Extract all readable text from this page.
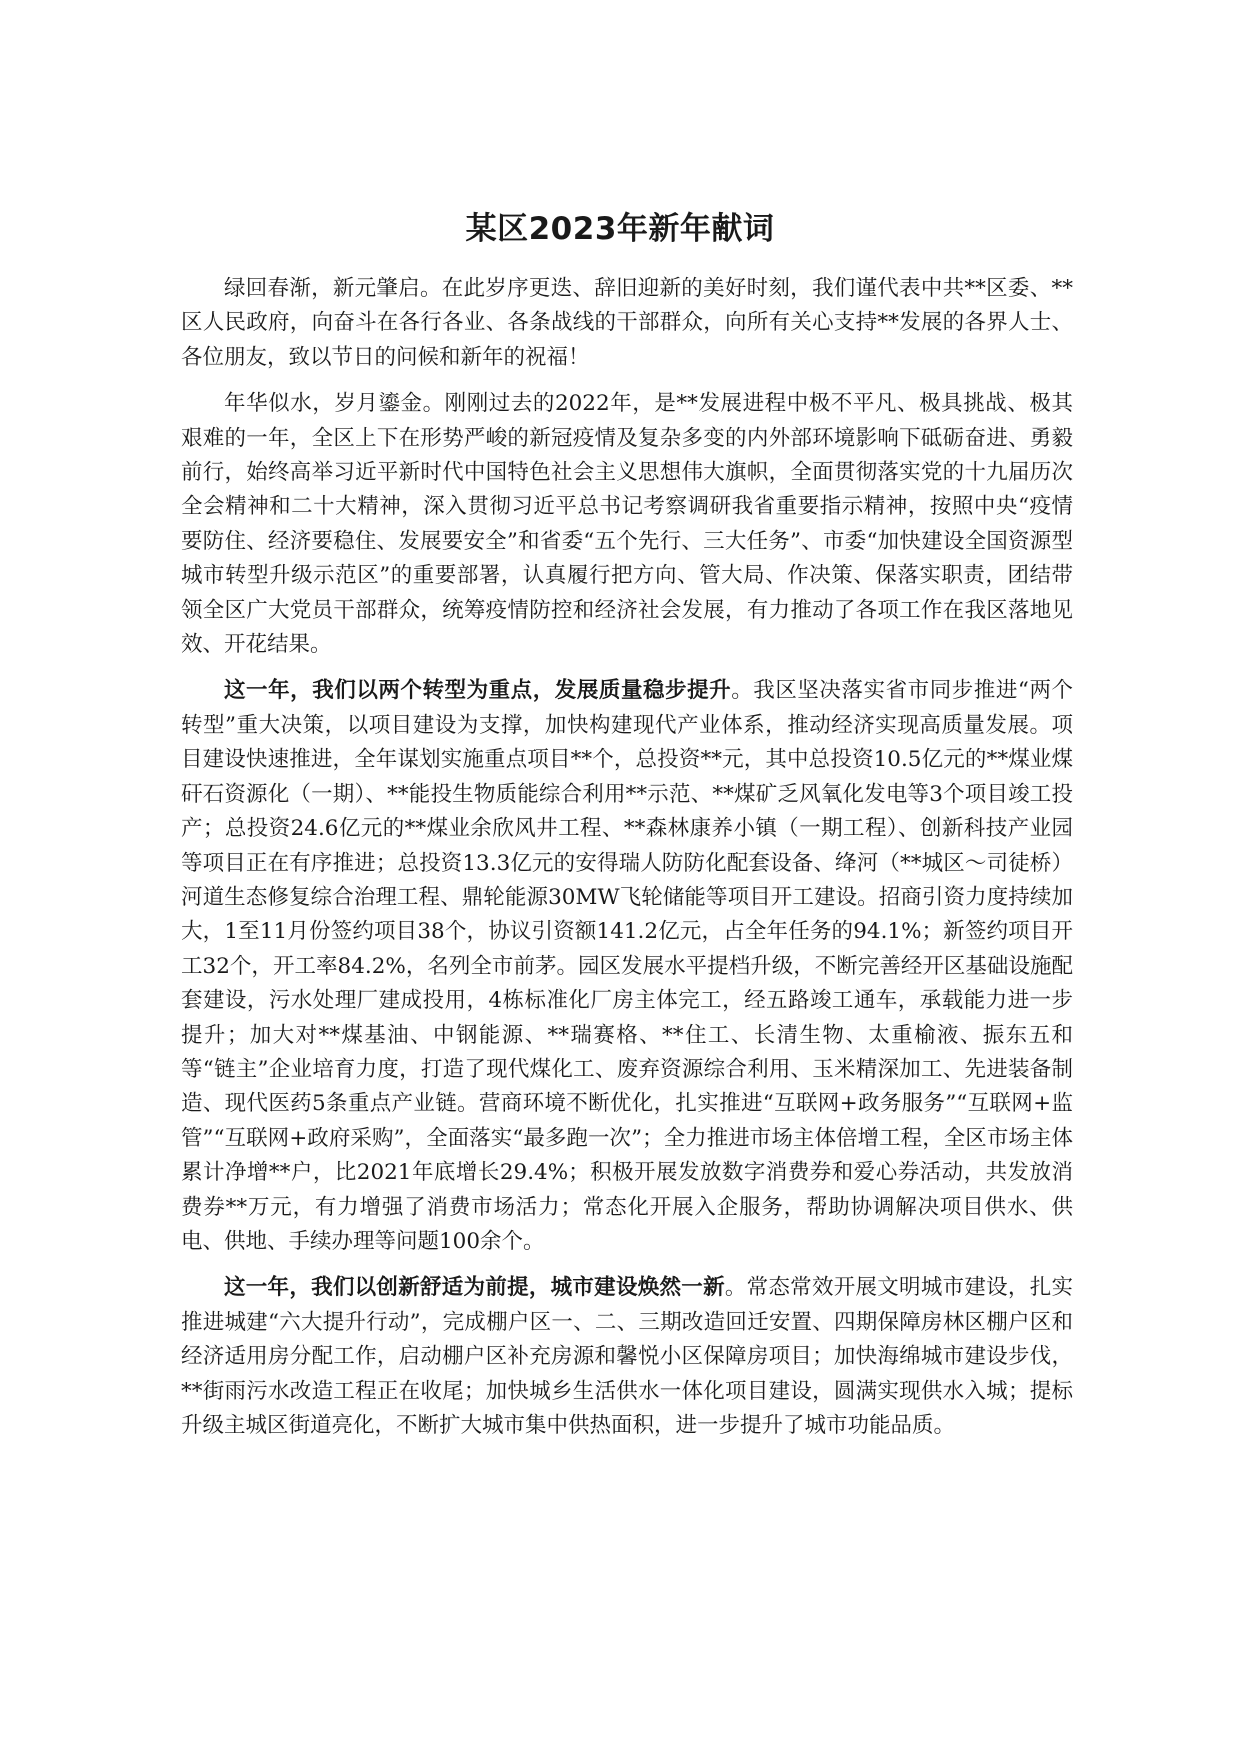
某区2023年新年献词

绿回春渐，新元肇启。在此岁序更迭、辞旧迎新的美好时刻，我们谨代表中共**区委、**区人民政府，向奋斗在各行各业、各条战线的干部群众，向所有关心支持**发展的各界人士、各位朋友，致以节日的问候和新年的祝福！

年华似水，岁月鎏金。刚刚过去的2022年，是**发展进程中极不平凡、极具挑战、极其艰难的一年，全区上下在形势严峻的新冠疫情及复杂多变的内外部环境影响下砥砺奋进、勇毅前行，始终高举习近平新时代中国特色社会主义思想伟大旗帜，全面贯彻落实党的十九届历次全会精神和二十大精神，深入贯彻习近平总书记考察调研我省重要指示精神，按照中央“疫情要防住、经济要稳住、发展要安全”和省委“五个先行、三大任务”、市委“加快建设全国资源型城市转型升级示范区”的重要部署，认真履行把方向、管大局、作决策、保落实职责，团结带领全区广大党员干部群众，统筹疫情防控和经济社会发展，有力推动了各项工作在我区落地见效、开花结果。

这一年，我们以两个转型为重点，发展质量稳步提升。我区坚决落实省市同步推进“两个转型”重大决策，以项目建设为支撑，加快构建现代产业体系，推动经济实现高质量发展。项目建设快速推进，全年谋划实施重点项目**个，总投资**元，其中总投资10.5亿元的**煤业煤矸石资源化（一期）、**能投生物质能综合利用**示范、**煤矿乏风氧化发电等3个项目竣工投产；总投资24.6亿元的**煤业余欣风井工程、**森林康养小镇（一期工程）、创新科技产业园等项目正在有序推进；总投资13.3亿元的安得瑞人防防化配套设备、绛河（**城区～司徒桥）河道生态修复综合治理工程、鼎轮能源30MW飞轮储能等项目开工建设。招商引资力度持续加大，1至11月份签约项目38个，协议引资额141.2亿元，占全年任务的94.1%；新签约项目开工32个，开工率84.2%，名列全市前茅。园区发展水平提档升级，不断完善经开区基础设施配套建设，污水处理厂建成投用，4栋标准化厂房主体完工，经五路竣工通车，承载能力进一步提升；加大对**煤基油、中钢能源、**瑞赛格、**住工、长清生物、太重榆液、振东五和等“链主”企业培育力度，打造了现代煤化工、废弃资源综合利用、玉米精深加工、先进装备制造、现代医药5条重点产业链。营商环境不断优化，扎实推进“互联网+政务服务”“互联网+监管”“互联网+政府采购”，全面落实“最多跑一次”；全力推进市场主体倍增工程，全区市场主体累计净增**户，比2021年底增长29.4%；积极开展发放数字消费券和爱心券活动，共发放消费券**万元，有力增强了消费市场活力；常态化开展入企服务，帮助协调解决项目供水、供电、供地、手续办理等问题100余个。

这一年，我们以创新舒适为前提，城市建设焕然一新。常态常效开展文明城市建设，扎实推进城建“六大提升行动”，完成棚户区一、二、三期改造回迁安置、四期保障房林区棚户区和经济适用房分配工作，启动棚户区补充房源和馨悦小区保障房项目；加快海绵城市建设步伐，**街雨污水改造工程正在收尾；加快城乡生活供水一体化项目建设，圆满实现供水入城；提标升级主城区街道亮化，不断扩大城市集中供热面积，进一步提升了城市功能品质。
